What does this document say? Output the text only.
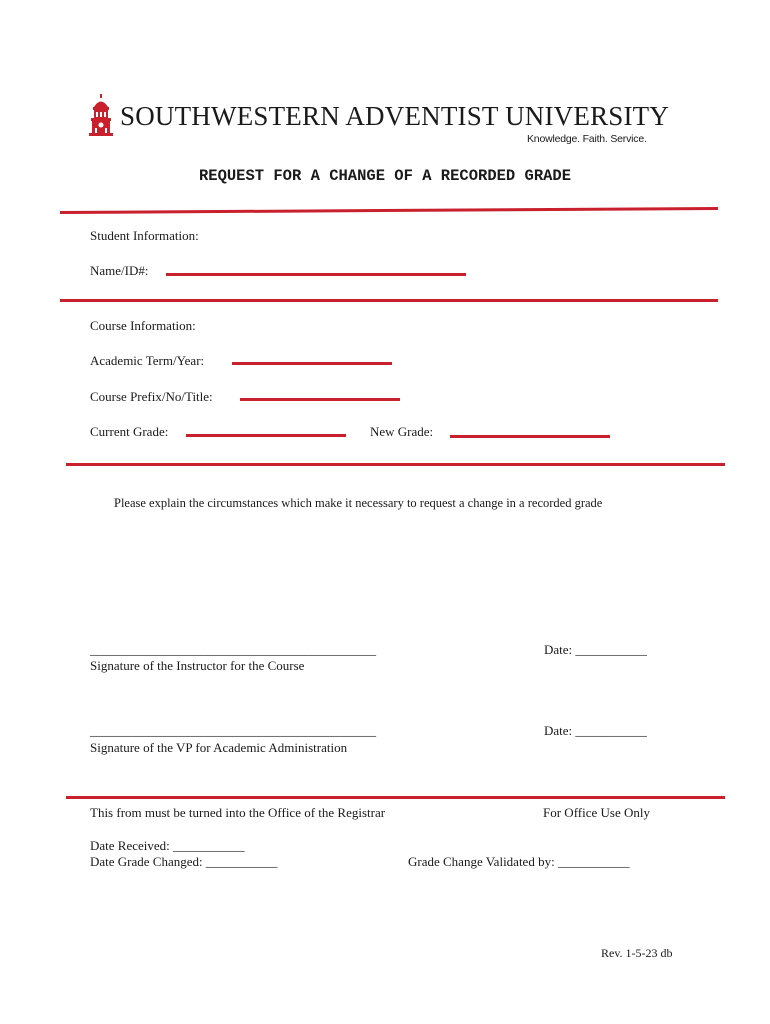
SOUTHWESTERN ADVENTIST UNIVERSITY
Knowledge. Faith. Service.
REQUEST FOR A CHANGE OF A RECORDED GRADE
Student Information:
Name/ID#:
Course Information:
Academic Term/Year:
Course Prefix/No/Title:
Current Grade:	New Grade:
Please explain the circumstances which make it necessary to request a change in a recorded grade
____________________________________________	Date: ___________
Signature of the Instructor for the Course
____________________________________________	Date: ___________
Signature of the VP for Academic Administration
This from must be turned into the Office of the Registrar	For Office Use Only
Date Received: ___________
Date Grade Changed: ___________	Grade Change Validated by: ___________
Rev. 1-5-23 db
